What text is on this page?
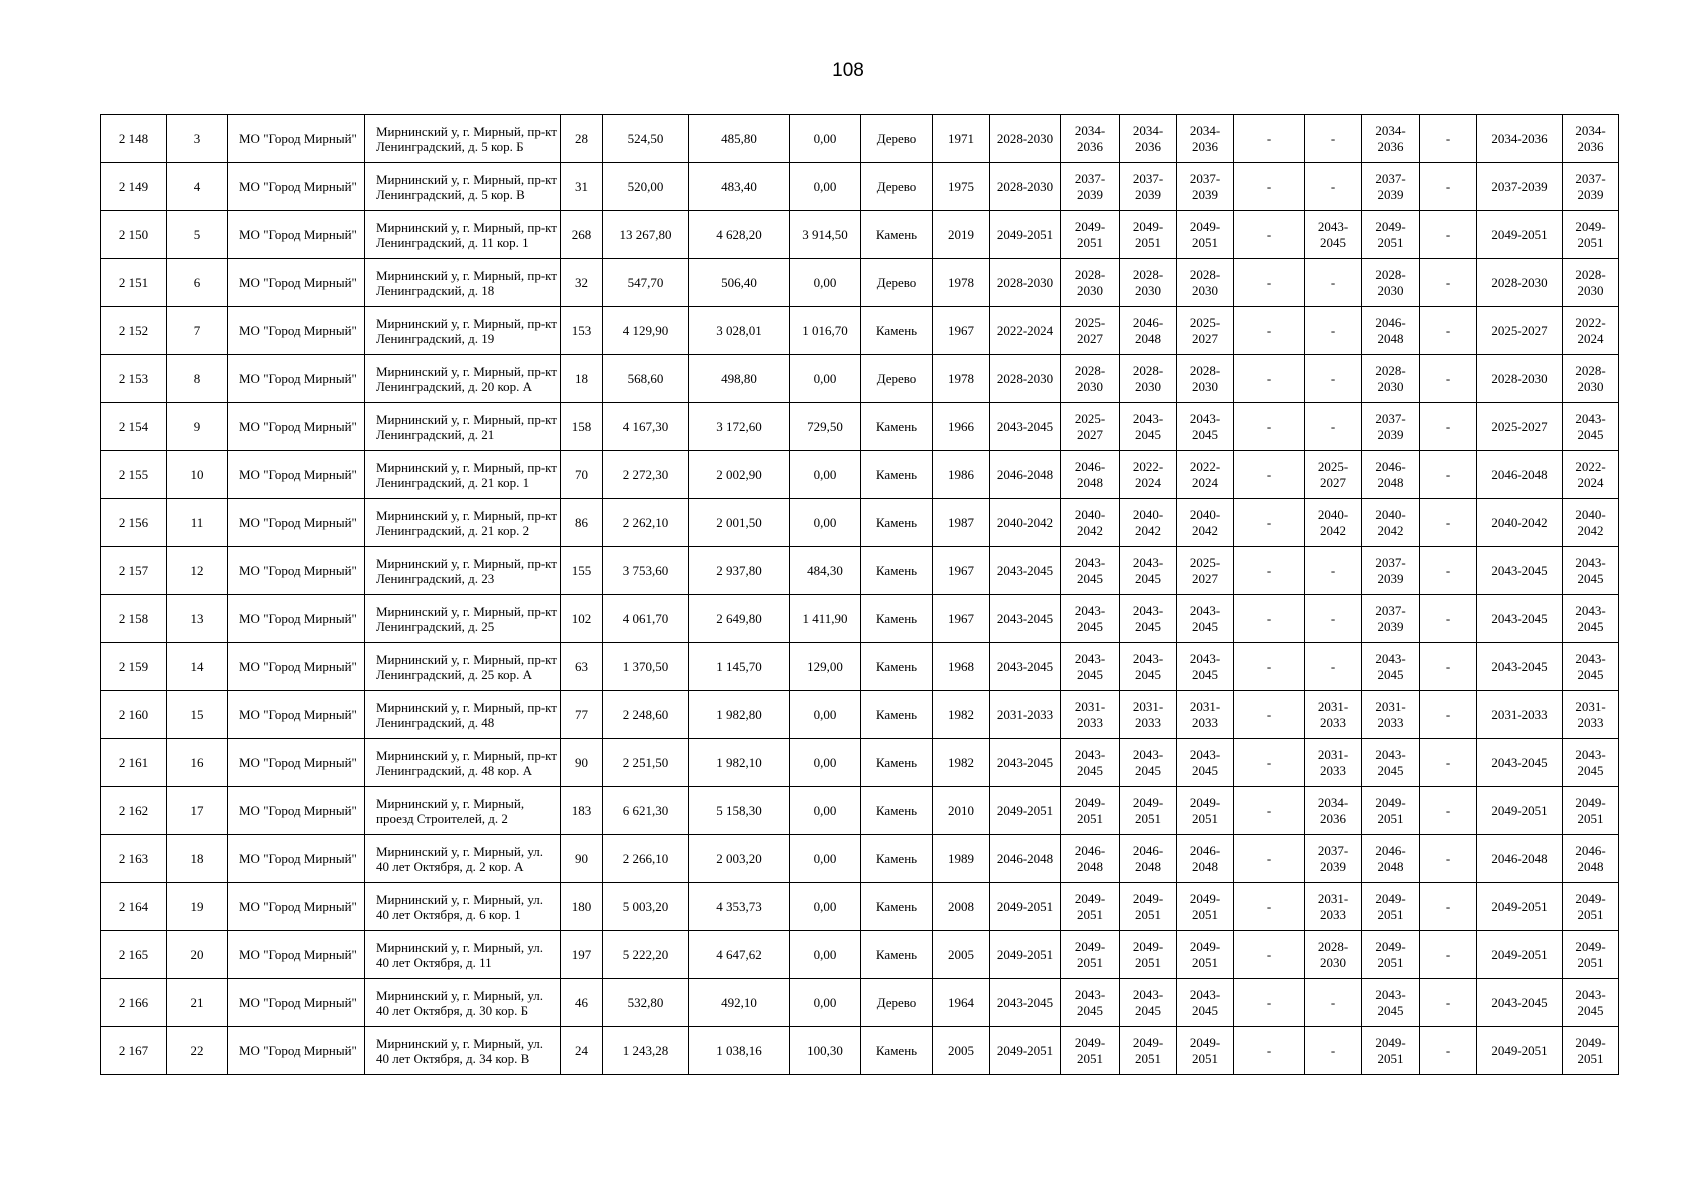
108
2 148	3	МО "Город Мирный"	Мирнинский у, г. Мирный, пр-кт Ленинградский, д. 5 кор. Б	28	524,50	485,80	0,00	Дерево	1971	2028-2030	2034-2036	2034-2036	2034-2036	-	-	2034-2036	-	2034-2036	2034-2036
2 149	4	МО "Город Мирный"	Мирнинский у, г. Мирный, пр-кт Ленинградский, д. 5 кор. В	31	520,00	483,40	0,00	Дерево	1975	2028-2030	2037-2039	2037-2039	2037-2039	-	-	2037-2039	-	2037-2039	2037-2039
2 150	5	МО "Город Мирный"	Мирнинский у, г. Мирный, пр-кт Ленинградский, д. 11 кор. 1	268	13 267,80	4 628,20	3 914,50	Камень	2019	2049-2051	2049-2051	2049-2051	2049-2051	-	2043-2045	2049-2051	-	2049-2051	2049-2051
2 151	6	МО "Город Мирный"	Мирнинский у, г. Мирный, пр-кт Ленинградский, д. 18	32	547,70	506,40	0,00	Дерево	1978	2028-2030	2028-2030	2028-2030	2028-2030	-	-	2028-2030	-	2028-2030	2028-2030
2 152	7	МО "Город Мирный"	Мирнинский у, г. Мирный, пр-кт Ленинградский, д. 19	153	4 129,90	3 028,01	1 016,70	Камень	1967	2022-2024	2025-2027	2046-2048	2025-2027	-	-	2046-2048	-	2025-2027	2022-2024
2 153	8	МО "Город Мирный"	Мирнинский у, г. Мирный, пр-кт Ленинградский, д. 20 кор. А	18	568,60	498,80	0,00	Дерево	1978	2028-2030	2028-2030	2028-2030	2028-2030	-	-	2028-2030	-	2028-2030	2028-2030
2 154	9	МО "Город Мирный"	Мирнинский у, г. Мирный, пр-кт Ленинградский, д. 21	158	4 167,30	3 172,60	729,50	Камень	1966	2043-2045	2025-2027	2043-2045	2043-2045	-	-	2037-2039	-	2025-2027	2043-2045
2 155	10	МО "Город Мирный"	Мирнинский у, г. Мирный, пр-кт Ленинградский, д. 21 кор. 1	70	2 272,30	2 002,90	0,00	Камень	1986	2046-2048	2046-2048	2022-2024	2022-2024	-	2025-2027	2046-2048	-	2046-2048	2022-2024
2 156	11	МО "Город Мирный"	Мирнинский у, г. Мирный, пр-кт Ленинградский, д. 21 кор. 2	86	2 262,10	2 001,50	0,00	Камень	1987	2040-2042	2040-2042	2040-2042	2040-2042	-	2040-2042	2040-2042	-	2040-2042	2040-2042
2 157	12	МО "Город Мирный"	Мирнинский у, г. Мирный, пр-кт Ленинградский, д. 23	155	3 753,60	2 937,80	484,30	Камень	1967	2043-2045	2043-2045	2043-2045	2025-2027	-	-	2037-2039	-	2043-2045	2043-2045
2 158	13	МО "Город Мирный"	Мирнинский у, г. Мирный, пр-кт Ленинградский, д. 25	102	4 061,70	2 649,80	1 411,90	Камень	1967	2043-2045	2043-2045	2043-2045	2043-2045	-	-	2037-2039	-	2043-2045	2043-2045
2 159	14	МО "Город Мирный"	Мирнинский у, г. Мирный, пр-кт Ленинградский, д. 25 кор. А	63	1 370,50	1 145,70	129,00	Камень	1968	2043-2045	2043-2045	2043-2045	2043-2045	-	-	2043-2045	-	2043-2045	2043-2045
2 160	15	МО "Город Мирный"	Мирнинский у, г. Мирный, пр-кт Ленинградский, д. 48	77	2 248,60	1 982,80	0,00	Камень	1982	2031-2033	2031-2033	2031-2033	2031-2033	-	2031-2033	2031-2033	-	2031-2033	2031-2033
2 161	16	МО "Город Мирный"	Мирнинский у, г. Мирный, пр-кт Ленинградский, д. 48 кор. А	90	2 251,50	1 982,10	0,00	Камень	1982	2043-2045	2043-2045	2043-2045	2043-2045	-	2031-2033	2043-2045	-	2043-2045	2043-2045
2 162	17	МО "Город Мирный"	Мирнинский у, г. Мирный, проезд Строителей, д. 2	183	6 621,30	5 158,30	0,00	Камень	2010	2049-2051	2049-2051	2049-2051	2049-2051	-	2034-2036	2049-2051	-	2049-2051	2049-2051
2 163	18	МО "Город Мирный"	Мирнинский у, г. Мирный, ул. 40 лет Октября, д. 2 кор. А	90	2 266,10	2 003,20	0,00	Камень	1989	2046-2048	2046-2048	2046-2048	2046-2048	-	2037-2039	2046-2048	-	2046-2048	2046-2048
2 164	19	МО "Город Мирный"	Мирнинский у, г. Мирный, ул. 40 лет Октября, д. 6 кор. 1	180	5 003,20	4 353,73	0,00	Камень	2008	2049-2051	2049-2051	2049-2051	2049-2051	-	2031-2033	2049-2051	-	2049-2051	2049-2051
2 165	20	МО "Город Мирный"	Мирнинский у, г. Мирный, ул. 40 лет Октября, д. 11	197	5 222,20	4 647,62	0,00	Камень	2005	2049-2051	2049-2051	2049-2051	2049-2051	-	2028-2030	2049-2051	-	2049-2051	2049-2051
2 166	21	МО "Город Мирный"	Мирнинский у, г. Мирный, ул. 40 лет Октября, д. 30 кор. Б	46	532,80	492,10	0,00	Дерево	1964	2043-2045	2043-2045	2043-2045	2043-2045	-	-	2043-2045	-	2043-2045	2043-2045
2 167	22	МО "Город Мирный"	Мирнинский у, г. Мирный, ул. 40 лет Октября, д. 34 кор. В	24	1 243,28	1 038,16	100,30	Камень	2005	2049-2051	2049-2051	2049-2051	2049-2051	-	-	2049-2051	-	2049-2051	2049-2051
